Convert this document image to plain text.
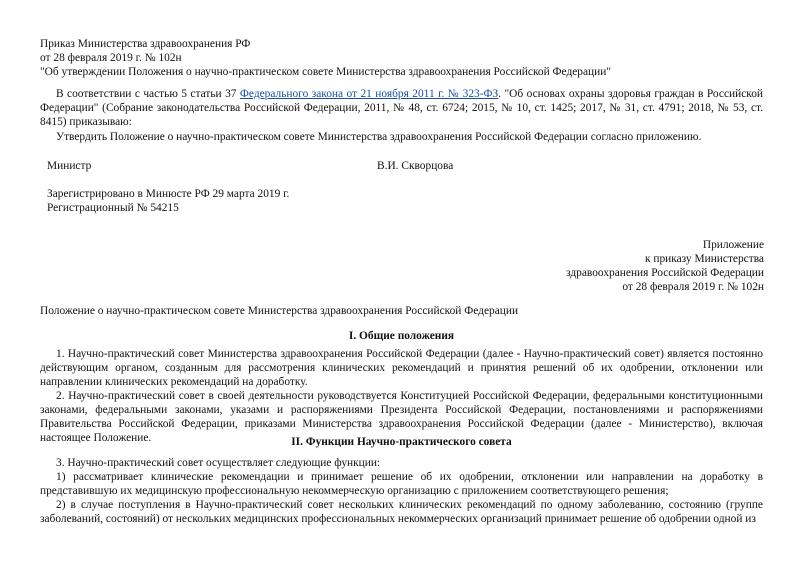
Приказ Министерства здравоохранения РФ

от 28 февраля 2019 г. № 102н

"Об утверждении Положения о научно-практическом совете Министерства здравоохранения Российской Федерации"

В соответствии с частью 5 статьи 37 Федерального закона от 21 ноября 2011 г. № 323-ФЗ. "Об основах охраны здоровья граждан в Российской Федерации" (Собрание законодательства Российской Федерации, 2011, № 48, ст. 6724; 2015, № 10, ст. 1425; 2017, № 31, ст. 4791; 2018, № 53, ст. 8415) приказываю:

Утвердить Положение о научно-практическом совете Министерства здравоохранения Российской Федерации согласно приложению.

Министр	В.И. Скворцова

Зарегистрировано в Минюсте РФ 29 марта 2019 г.

Регистрационный № 54215

Приложение

к приказу Министерства

здравоохранения Российской Федерации

от 28 февраля 2019 г. № 102н

Положение о научно-практическом совете Министерства здравоохранения Российской Федерации

I. Общие положения

1. Научно-практический совет Министерства здравоохранения Российской Федерации (далее - Научно-практический совет) является постоянно действующим органом, созданным для рассмотрения клинических рекомендаций и принятия решений об их одобрении, отклонении или направлении клинических рекомендаций на доработку.

2. Научно-практический совет в своей деятельности руководствуется Конституцией Российской Федерации, федеральными конституционными законами, федеральными законами, указами и распоряжениями Президента Российской Федерации, постановлениями и распоряжениями Правительства Российской Федерации, приказами Министерства здравоохранения Российской Федерации (далее - Министерство), включая настоящее Положение.	II. Функции Научно-практического совета

3. Научно-практический совет осуществляет следующие функции:

1) рассматривает клинические рекомендации и принимает решение об их одобрении, отклонении или направлении на доработку в представившую их медицинскую профессиональную некоммерческую организацию с приложением соответствующего решения;

2) в случае поступления в Научно-практический совет нескольких клинических рекомендаций по одному заболеванию, состоянию (группе заболеваний, состояний) от нескольких медицинских профессиональных некоммерческих организаций принимает решение об одобрении одной из
